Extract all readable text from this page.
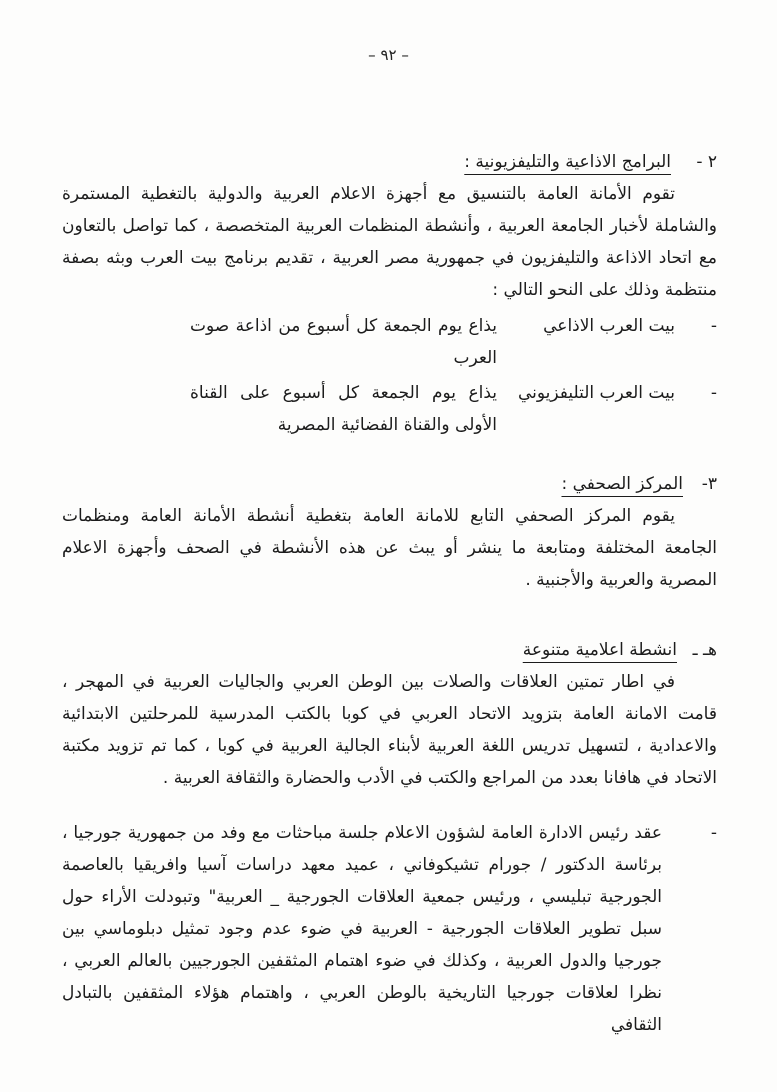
– ٩٢ –
٢ -
البرامج الاذاعية والتليفزيونية :

تقوم الأمانة العامة بالتنسيق مع أجهزة الاعلام العربية والدولية بالتغطية المستمرة والشاملة لأخبار الجامعة العربية ، وأنشطة المنظمات العربية المتخصصة ، كما تواصل بالتعاون مع اتحاد الاذاعة والتليفزيون في جمهورية مصر العربية ، تقديم برنامج بيت العرب وبثه بصفة منتظمة وذلك على النحو التالي :

-
بيت العرب الاذاعي
يذاع يوم الجمعة كل أسبوع من اذاعة صوت العرب
-
بيت العرب التليفزيوني
يذاع يوم الجمعة كل أسبوع على القناة الأولى والقناة الفضائية المصرية
٣-
المركز الصحفي :

يقوم المركز الصحفي التابع للامانة العامة بتغطية أنشطة الأمانة العامة ومنظمات الجامعة المختلفة ومتابعة ما ينشر أو يبث عن هذه الأنشطة في الصحف وأجهزة الاعلام المصرية والعربية والأجنبية .

هـ ـ
انشطة اعلامية متنوعة

في اطار تمتين العلاقات والصلات بين الوطن العربي والجاليات العربية في المهجر ، قامت الامانة العامة بتزويد الاتحاد العربي في كوبا بالكتب المدرسية للمرحلتين الابتدائية والاعدادية ، لتسهيل تدريس اللغة العربية لأبناء الجالية العربية في كوبا ، كما تم تزويد مكتبة الاتحاد في هافانا بعدد من المراجع والكتب في الأدب والحضارة والثقافة العربية .

-
عقد رئيس الادارة العامة لشؤون الاعلام جلسة مباحثات مع وفد من جمهورية جورجيا ، برئاسة الدكتور / جورام تشيكوفاني ، عميد معهد دراسات آسيا وافريقيا بالعاصمة الجورجية تبليسي ، ورئيس جمعية العلاقات الجورجية _ العربية" وتبودلت الأراء حول سبل تطوير العلاقات الجورجية - العربية في ضوء عدم وجود تمثيل دبلوماسي بين جورجيا والدول العربية ، وكذلك في ضوء اهتمام المثقفين الجورجيين بالعالم العربي ، نظرا لعلاقات جورجيا التاريخية بالوطن العربي ، واهتمام هؤلاء المثقفين بالتبادل الثقافي
